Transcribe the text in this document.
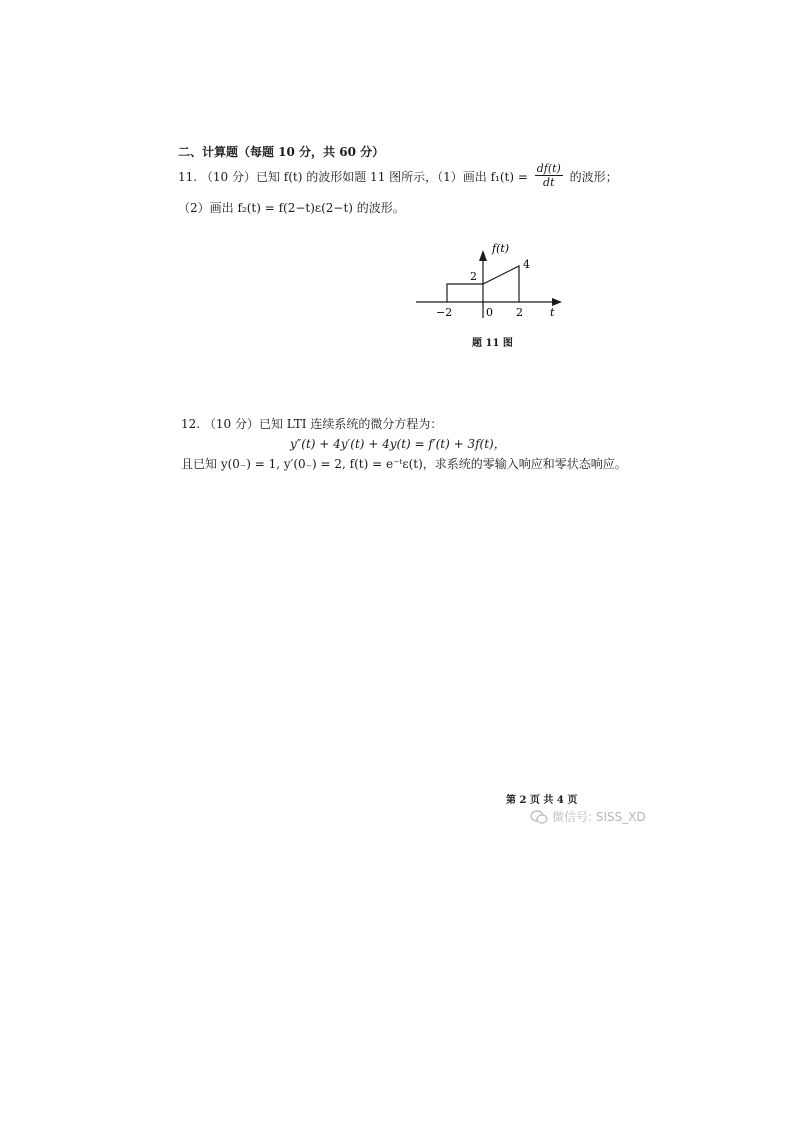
二、计算题（每题 10 分，共 60 分）
11. （10 分）已知 f(t) 的波形如题 11 图所示，（1）画出 $f_1(t) = \frac{df(t)}{dt}$ 的波形；
（2）画出 f₂(t) = f(2−t)ε(2−t) 的波形。
f(t)
t
−2	0 2
2
4
题 11 图
12. （10 分）已知 LTI 连续系统的微分方程为：
y″(t) + 4y′(t) + 4y(t) = f′(t) + 3f(t)，
且已知 y(0₋) = 1, y′(0₋) = 2, f(t) = e⁻ᵗε(t)，求系统的零输入响应和零状态响应。
第 2 页 共 4 页
微信号: SISS_XD
